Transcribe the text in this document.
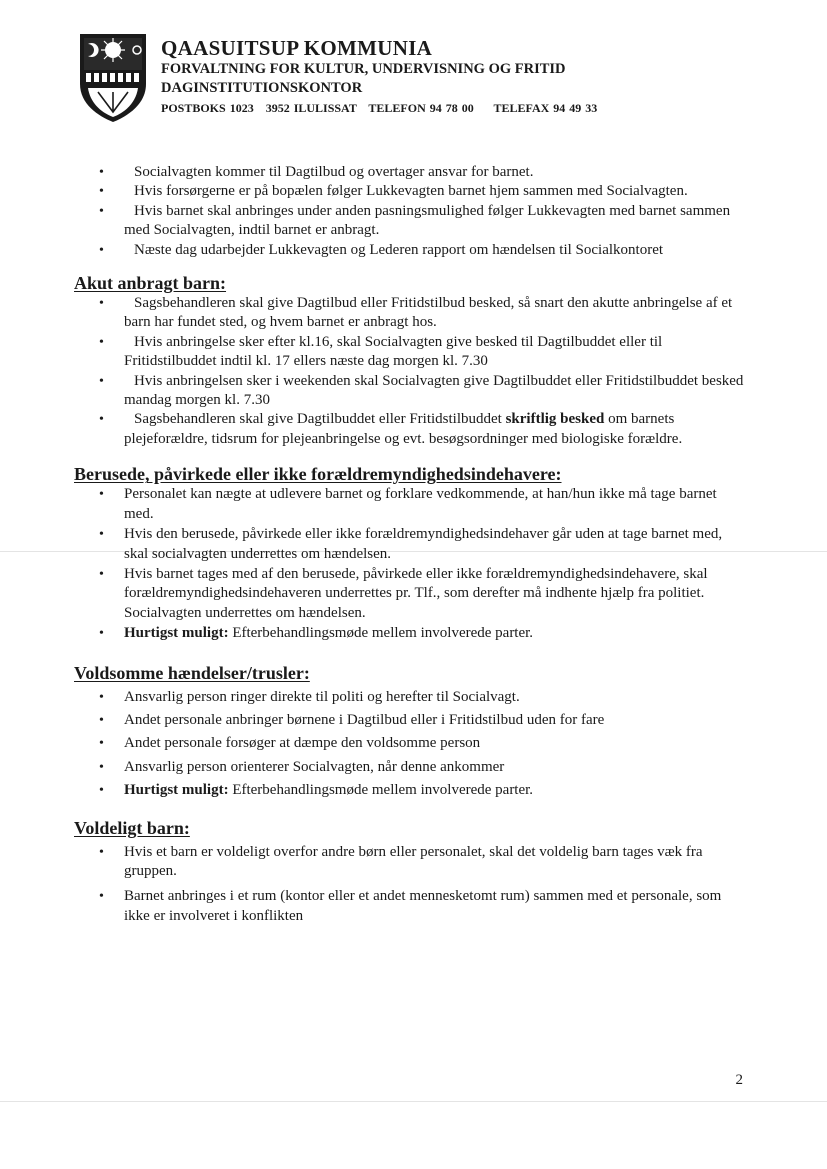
QAASUITSUP KOMMUNIA

FORVALTNING FOR KULTUR, UNDERVISNING OG FRITID

DAGINSTITUTIONSKONTOR

POSTBOKS 1023   3952 ILULISSAT   TELEFON 94 78 00     TELEFAX 94 49 33
•	Socialvagten kommer til Dagtilbud og overtager ansvar for barnet.
•	Hvis forsørgerne er på bopælen følger Lukkevagten barnet hjem sammen med Socialvagten.
•	Hvis barnet skal anbringes under anden pasningsmulighed følger Lukkevagten med barnet sammen med Socialvagten, indtil barnet er anbragt.
•	Næste dag udarbejder Lukkevagten og Lederen rapport om hændelsen til Socialkontoret
Akut anbragt barn:
•	Sagsbehandleren skal give Dagtilbud eller Fritidstilbud besked, så snart den akutte anbringelse af et barn har fundet sted, og hvem barnet er anbragt hos.
•	Hvis anbringelse sker efter kl.16, skal Socialvagten give besked til Dagtilbuddet eller til Fritidstilbuddet indtil kl. 17 ellers næste dag morgen kl. 7.30
•	Hvis anbringelsen sker i weekenden skal Socialvagten give Dagtilbuddet eller Fritidstilbuddet besked mandag morgen kl. 7.30
•	Sagsbehandleren skal give Dagtilbuddet eller Fritidstilbuddet skriftlig besked om barnets plejeforældre, tidsrum for plejeanbringelse og evt. besøgsordninger med biologiske forældre.
Berusede, påvirkede eller ikke forældremyndighedsindehavere:
• Personalet kan nægte at udlevere barnet og forklare vedkommende, at han/hun ikke må tage barnet med.
• Hvis den berusede, påvirkede eller ikke forældremyndighedsindehaver går uden at tage barnet med, skal socialvagten underrettes om hændelsen.
• Hvis barnet tages med af den berusede, påvirkede eller ikke forældremyndighedsindehavere, skal forældremyndighedsindehaveren underrettes pr. Tlf., som derefter må indhente hjælp fra politiet. Socialvagten underrettes om hændelsen.
• Hurtigst muligt: Efterbehandlingsmøde mellem involverede parter.
Voldsomme hændelser/trusler:
• Ansvarlig person ringer direkte til politi og herefter til Socialvagt.
• Andet personale anbringer børnene i Dagtilbud eller i Fritidstilbud uden for fare
• Andet personale forsøger at dæmpe den voldsomme person
• Ansvarlig person orienterer Socialvagten, når denne ankommer
• Hurtigst muligt: Efterbehandlingsmøde mellem involverede parter.
Voldeligt barn:
• Hvis et barn er voldeligt overfor andre børn eller personalet, skal det voldelig barn tages væk fra gruppen.
• Barnet anbringes i et rum (kontor eller et andet mennesketomt rum) sammen med et personale, som ikke er involveret i konflikten
2
